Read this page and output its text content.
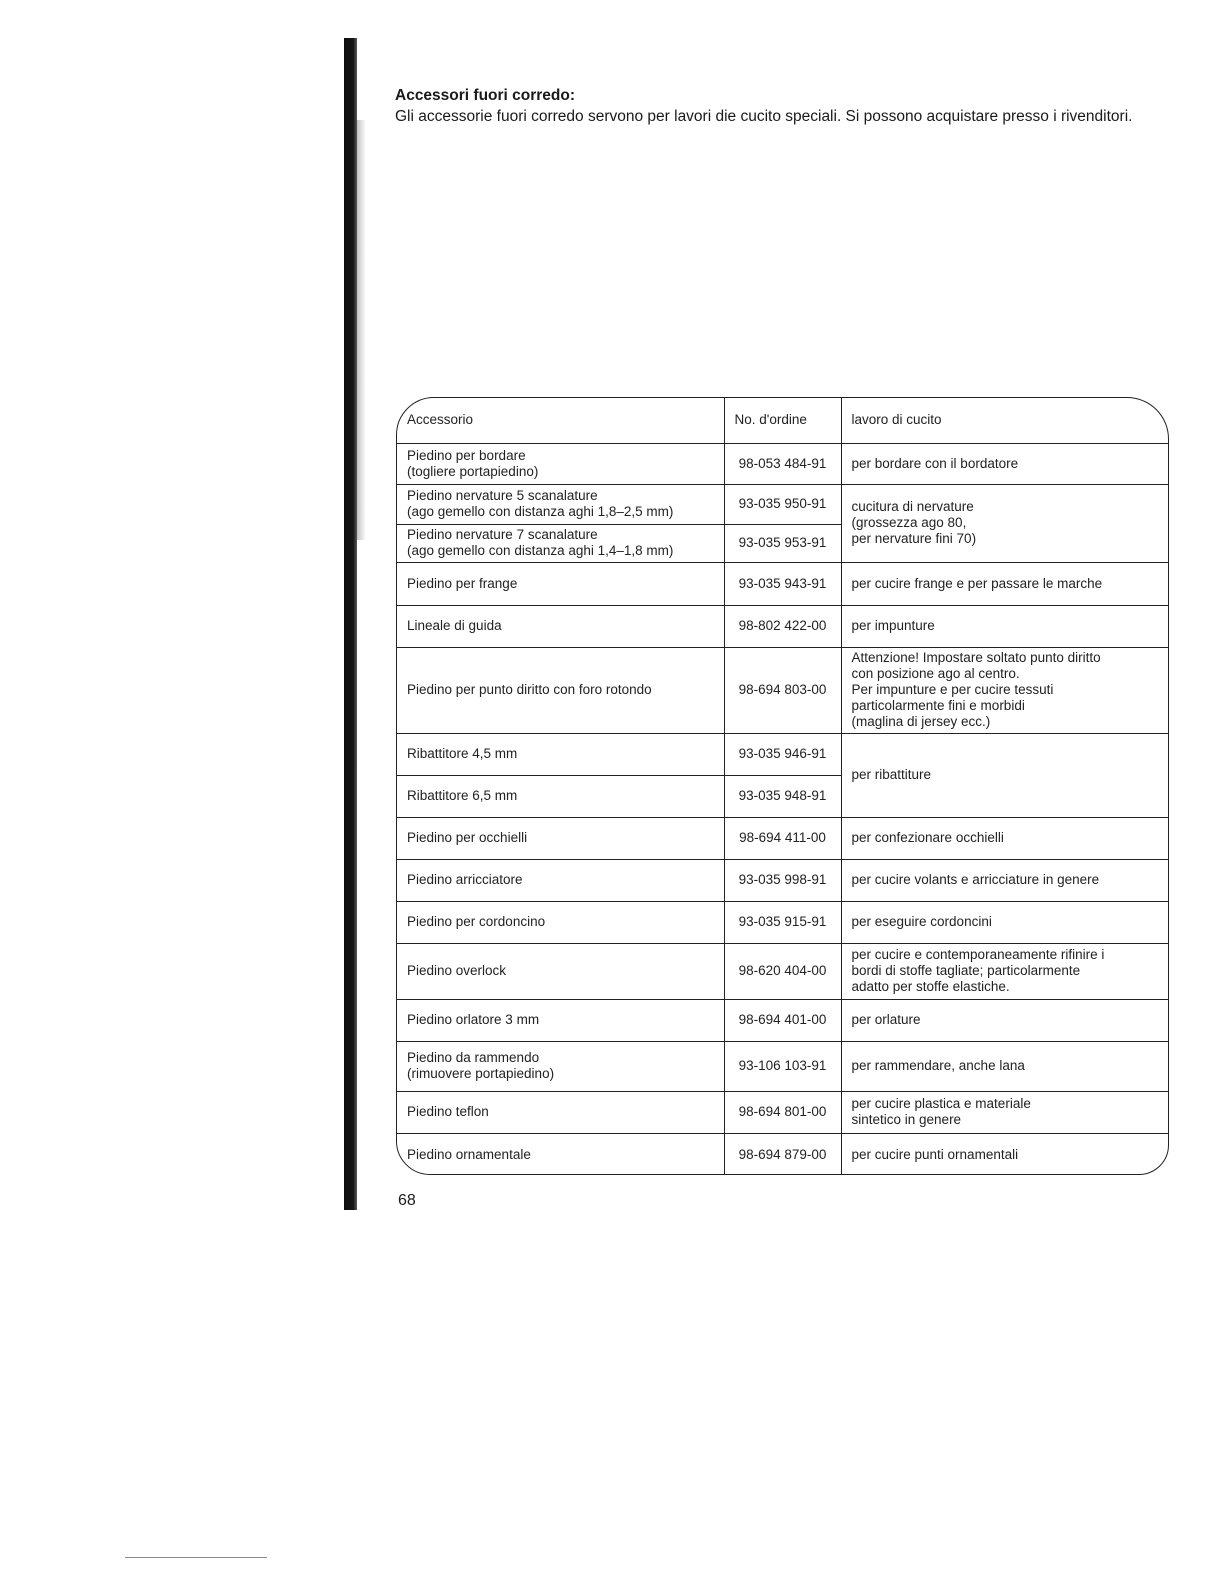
Accessori fuori corredo:

Gli accessorie fuori corredo servono per lavori die cucito speciali. Si possono acquistare presso i rivenditori.

Accessorio	No. d'ordine	lavoro di cucito
Piedino per bordare
(togliere portapiedino)	98-053 484-91	per bordare con il bordatore
Piedino nervature 5 scanalature
(ago gemello con distanza aghi 1,8–2,5 mm)	93-035 950-91	cucitura di nervature
(grossezza ago 80,
per nervature fini 70)
Piedino nervature 7 scanalature
(ago gemello con distanza aghi 1,4–1,8 mm)	93-035 953-91	
Piedino per frange	93-035 943-91	per cucire frange e per passare le marche
Lineale di guida	98-802 422-00	per impunture
Piedino per punto diritto con foro rotondo	98-694 803-00	Attenzione! Impostare soltato punto diritto
con posizione ago al centro.
Per impunture e per cucire tessuti
particolarmente fini e morbidi
(maglina di jersey ecc.)
Ribattitore 4,5 mm	93-035 946-91	per ribattiture
Ribattitore 6,5 mm	93-035 948-91	
Piedino per occhielli	98-694 411-00	per confezionare occhielli
Piedino arricciatore	93-035 998-91	per cucire volants e arricciature in genere
Piedino per cordoncino	93-035 915-91	per eseguire cordoncini
Piedino overlock	98-620 404-00	per cucire e contemporaneamente rifinire i
bordi di stoffe tagliate; particolarmente
adatto per stoffe elastiche.
Piedino orlatore 3 mm	98-694 401-00	per orlature
Piedino da rammendo
(rimuovere portapiedino)	93-106 103-91	per rammendare, anche lana
Piedino teflon	98-694 801-00	per cucire plastica e materiale
sintetico in genere
Piedino ornamentale	98-694 879-00	per cucire punti ornamentali
68
